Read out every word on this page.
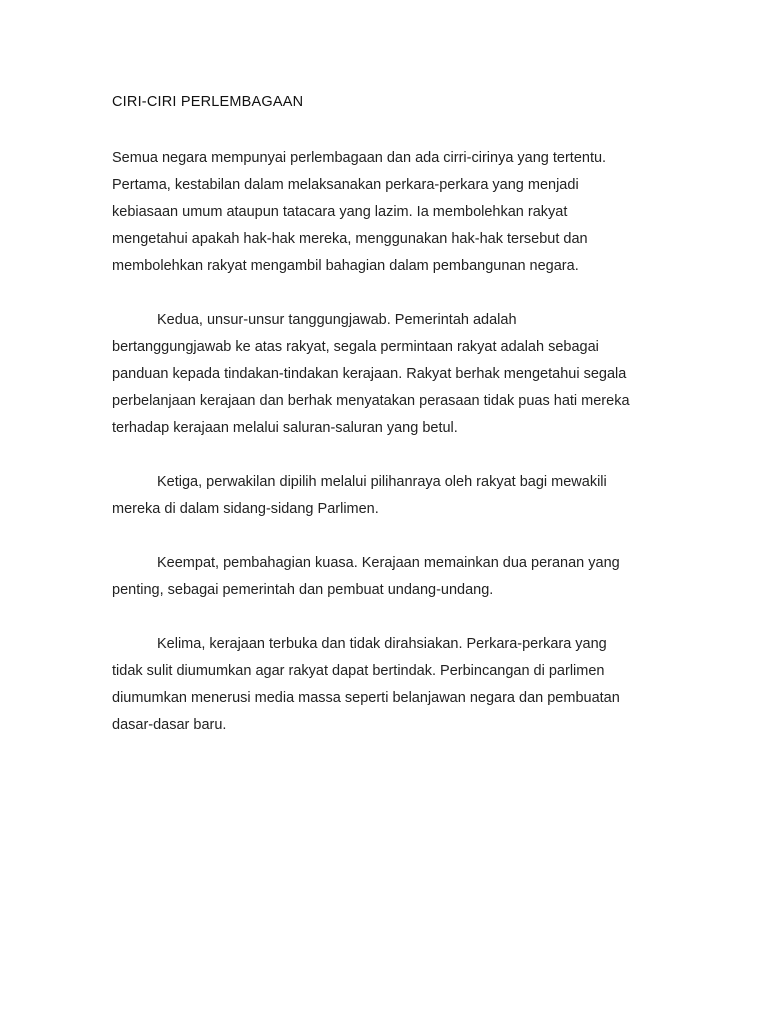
CIRI-CIRI PERLEMBAGAAN

Semua negara mempunyai perlembagaan dan ada cirri-cirinya yang tertentu.
Pertama, kestabilan dalam melaksanakan perkara-perkara yang menjadi
kebiasaan umum ataupun tatacara yang lazim. Ia membolehkan rakyat
mengetahui apakah hak-hak mereka, menggunakan hak-hak tersebut dan
membolehkan rakyat mengambil bahagian dalam pembangunan negara.

Kedua, unsur-unsur tanggungjawab. Pemerintah adalah
bertanggungjawab ke atas rakyat, segala permintaan rakyat adalah sebagai
panduan kepada tindakan-tindakan kerajaan. Rakyat berhak mengetahui segala
perbelanjaan kerajaan dan berhak menyatakan perasaan tidak puas hati mereka
terhadap kerajaan melalui saluran-saluran yang betul.

Ketiga, perwakilan dipilih melalui pilihanraya oleh rakyat bagi mewakili
mereka di dalam sidang-sidang Parlimen.

Keempat, pembahagian kuasa. Kerajaan memainkan dua peranan yang
penting, sebagai pemerintah dan pembuat undang-undang.

Kelima, kerajaan terbuka dan tidak dirahsiakan. Perkara-perkara yang
tidak sulit diumumkan agar rakyat dapat bertindak. Perbincangan di parlimen
diumumkan menerusi media massa seperti belanjawan negara dan pembuatan
dasar-dasar baru.
